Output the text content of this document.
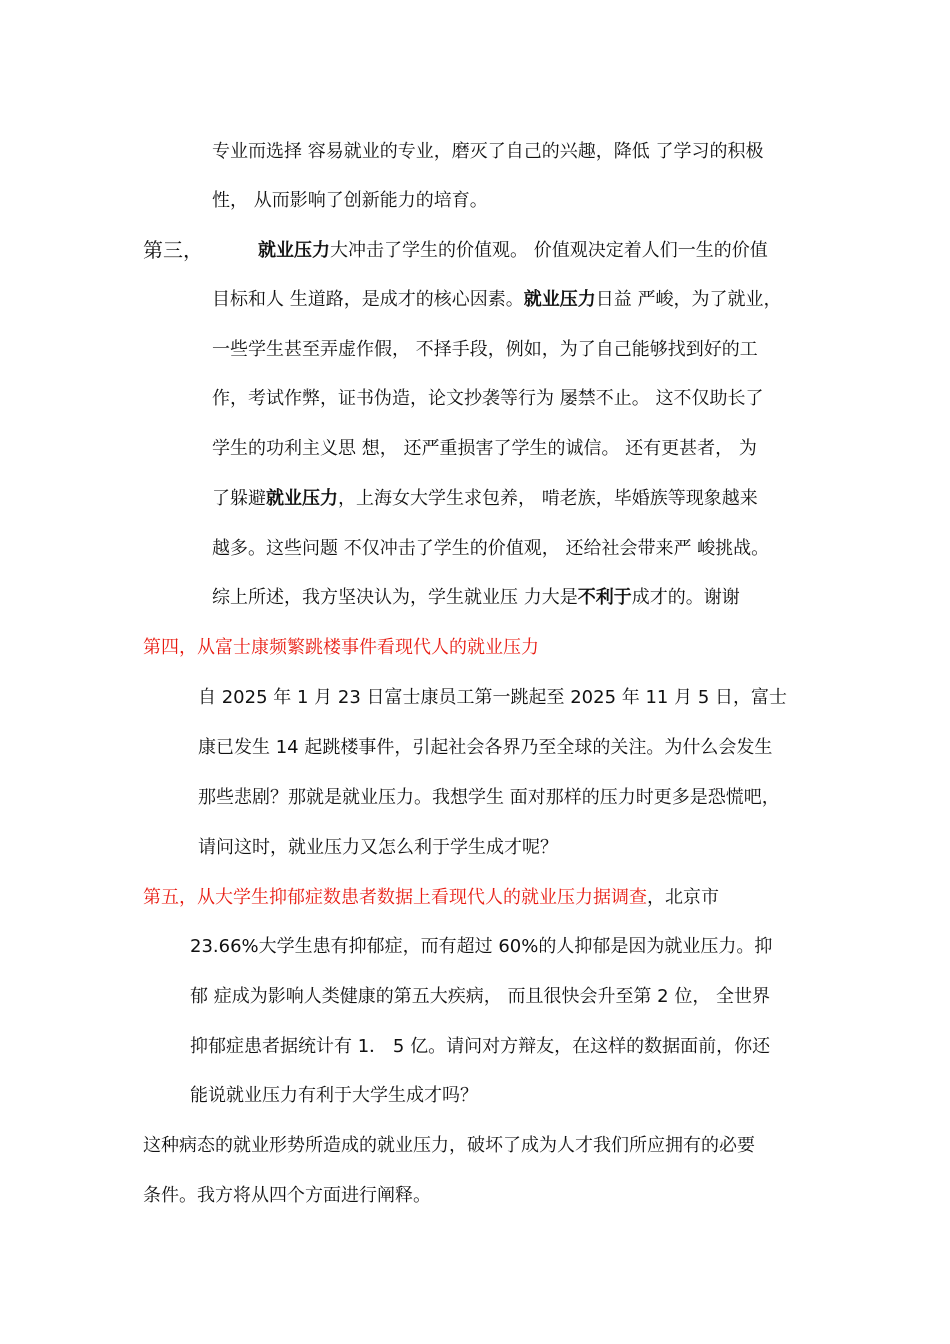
专业而选择 容易就业的专业，磨灭了自己的兴趣，降低 了学习的积极
性， 从而影响了创新能力的培育。
第三，	就业压力大冲击了学生的价值观。 价值观决定着人们一生的价值
目标和人 生道路，是成才的核心因素。就业压力日益 严峻，为了就业，
一些学生甚至弄虚作假， 不择手段，例如，为了自己能够找到好的工
作，考试作弊，证书伪造，论文抄袭等行为 屡禁不止。 这不仅助长了
学生的功利主义思 想， 还严重损害了学生的诚信。 还有更甚者， 为
了躲避就业压力，上海女大学生求包养， 啃老族，毕婚族等现象越来
越多。这些问题 不仅冲击了学生的价值观， 还给社会带来严 峻挑战。
综上所述，我方坚决认为，学生就业压 力大是不利于成才的。谢谢
第四，从富士康频繁跳楼事件看现代人的就业压力
自 2025 年 1 月 23 日富士康员工第一跳起至 2025 年 11 月 5 日，富士
康已发生 14 起跳楼事件，引起社会各界乃至全球的关注。为什么会发生
那些悲剧？那就是就业压力。我想学生 面对那样的压力时更多是恐慌吧，
请问这时，就业压力又怎么利于学生成才呢？
第五，从大学生抑郁症数患者数据上看现代人的就业压力据调查，北京市
23.66%大学生患有抑郁症，而有超过 60%的人抑郁是因为就业压力。抑
郁 症成为影响人类健康的第五大疾病， 而且很快会升至第 2 位， 全世界
抑郁症患者据统计有 1． 5 亿。请问对方辩友，在这样的数据面前，你还
能说就业压力有利于大学生成才吗？
这种病态的就业形势所造成的就业压力，破坏了成为人才我们所应拥有的必要
条件。我方将从四个方面进行阐释。
